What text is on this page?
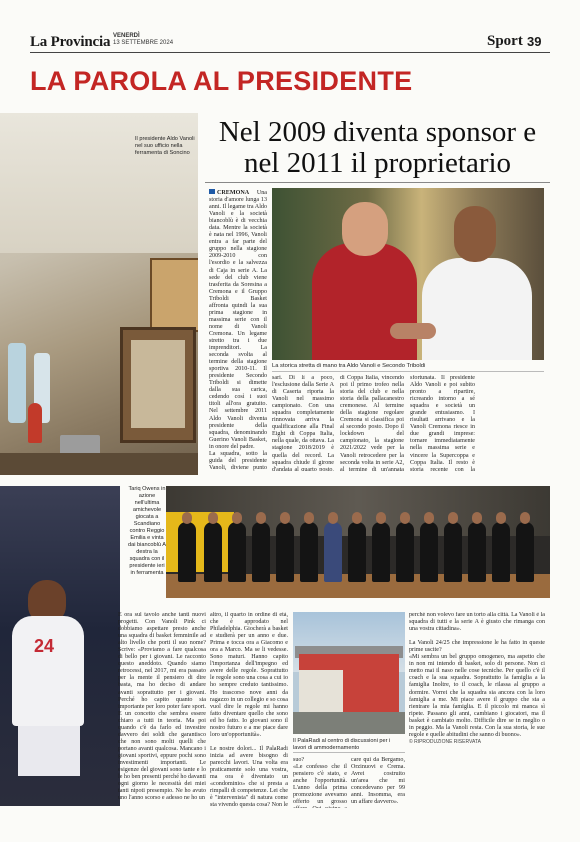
La Provincia VENERDÌ
13 SETTEMBRE 2024	Sport 39
LA PAROLA AL PRESIDENTE
Il presidente Aldo Vanoli nel suo ufficio nella ferramenta di Soncino
Nel 2009 diventa sponsor e nel 2011 il proprietario
CREMONA Una storia d'amore lunga 13 anni. Il legame tra Aldo Vanoli e la società biancoblù è di vecchia data. Mentre la società è nata nel 1996, Vanoli entra a far parte del gruppo nella stagione 2009-2010 con l'esordio e la salvezza di Caja in serie A. La sede del club viene trasferita da Soresina a Cremona e il Gruppo Triboldi Basket affronta quindi la sua prima stagione in massima serie con il nome di Vanoli Cremona. Un legame stretto tra i due imprenditori. La seconda svolta al termine della stagione sportiva 2010-11. Il presidente Secondo Triboldi si dimette dalla sua carica, cedendo così i suoi titoli all'ora gratuito. Nel settembre 2011 Aldo Vanoli diventa presidente della squadra, denominando Guerino Vanoli Basket, in onore del padre.
La squadra, sotto la guida del presidente Vanoli, diviene punto
La storica stretta di mano tra Aldo Vanoli e Secondo Triboldi
sari. Di lì a poco, l'esclusione dalla Serie A di Caserta riporta la Vanoli nel massimo campionato. Con una squadra completamente rinnovata arriva la qualificazione alla Final Eight di Coppa Italia, nella quale, da ottava. La stagione 2018/2019 è quella del record. La squadra chiude il girone d'andata al quarto posto,
di Coppa Italia, vincendo poi il primo trofeo nella storia del club e nella storia della pallacanestro cremonese. Al termine della stagione regolare Cremona si classifica poi al secondo posto. Dopo il lockdown del campionato, la stagione 2021/2022 vede per la Vanoli retrocedere per la seconda volta in serie A2, al termine di un'annata
sfortunata. Il presidente Aldo Vanoli e poi subito pronto a ripartire, ricreando intorno a sé squadra e società un grande entusiasmo. I risultati arrivano e la Vanoli Cremona riesce in due grandi imprese: tornare immediatamente nella massima serie e vincere la Supercoppa e Coppa Italia. Il resto è storia recente con la
24
Tariq Owens in azione nell'ultima amichevole giocata a Scandiano contro Reggio Emilia e vinta dai biancoblù A destra la squadra con il presidente ieri in ferramenta
E ora sul tavolo anche tanti nuovi progetti. Con Vanoli Pink ci dobbiamo aspettare presto anche una squadra di basket femminile ad alto livello che porti il suo nome? Scrive: «Proviamo a fare qualcosa di bello per i giovani. Le racconto questo aneddoto. Quando siamo retrocessi, nel 2017, mi era passato per la mente il pensiero di dire basta, ma ho deciso di andare avanti soprattutto per i giovani. Perché ho capito quanto sia importante per loro poter fare sport. E un concetto che sembra essere chiaro a tutti in teoria. Ma poi quando c'è da farlo ed investire davvero dei soldi che garantisco che non sono molti quelli che portano avanti qualcosa. Mancano i giovani sportivi, eppure pochi sono investimenti importanti. Le esigenze del giovani sono tante e lo le ho ben presenti perché ho davanti ogni giorno le necessità dei miei tanti nipoti presempio. Ne ho avuto uno l'anno scorso e adesso ne ho un
altro, il quarto in ordine di età, che è approdato nel Philadelphia. Giocherà a basket e studierà per un anno e due. Prima e tocca ora a Giacomo e ora a Marco. Ma se li vedesse. Sono maturi. Hanno capito l'importanza dell'impegno ed avere delle regole. Soprattutto le regole sono una cosa a cui io ho sempre creduto tantissimo. Ho trascorso nove anni da ragazzo in un collegio e so cosa vuol dire le regole mi hanno fatto diventare quello che sono ed ho fatto. Io giovani sono il nostro futuro e a me piace dare loro un'opportunità».

Le nostre dolori... Il PalaRadi inizia ad avere bisogno di parecchi lavori. Una volta era praticamente solo una vostra, ma ora è diventato un «condominio» che si presta a rimpalli di competenze. Lei che è "intervenista" di natura come sta vivendo questa cosa? Non le
Il PalaRadi al centro di discussioni per i lavori di ammodernamento
suo?
«Le confesso che il pensiero c'è stato, e anche l'opportunità. L'anno della prima promozione avevamo offerto un grosso
care qui da Bergamo, Orzinuovi e Crema. Avrei costruito un'area che mi concedevano per 99 anni. Insomma, era un affare davvero».

perché non volevo fare un torto alla città. La Vanoli è la squadra di tutti e la serie A è giusto che rimanga con una vostra cittadina».

La Vanoli 24/25 che impressione le ha fatto in queste prime uscite?
«Mi sembra un bel gruppo omogeneo, ma aspetto che in non mi intendo di basket, solo di persone. Non ci metto mai il naso nelle cose tecniche. Per quello c'è il coach e la sua squadra. Soprattutto la famiglia a la famiglia Inoltre, to il coach, le rilassa al gruppo a dormire. Vorrei che la squadra sia ancora con la loro famiglia a me. Mi piace avere il gruppo che sta a rientrare la mia famiglia. E il piccolo mi manca sì ripete. Passano gli anni, cambiano i giocatori, ma il basket è cambiato molto. Difficile dire se in meglio o in peggio. Ma la Vanoli resta. Con la sua storia, le sue regole e quelle abitudini che sanno di buono».
© RIPRODUZIONE RISERVATA
